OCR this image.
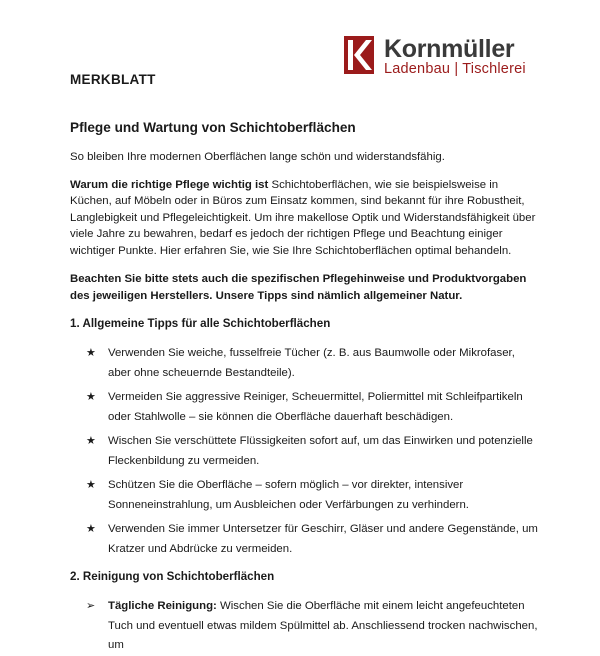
Kornmüller
Ladenbau | Tischlerei
MERKBLATT
Pflege und Wartung von Schichtoberflächen

So bleiben Ihre modernen Oberflächen lange schön und widerstandsfähig.

Warum die richtige Pflege wichtig ist Schichtoberflächen, wie sie beispielsweise in Küchen, auf Möbeln oder in Büros zum Einsatz kommen, sind bekannt für ihre Robustheit, Langlebigkeit und Pflegeleichtigkeit. Um ihre makellose Optik und Widerstandsfähigkeit über viele Jahre zu bewahren, bedarf es jedoch der richtigen Pflege und Beachtung einiger wichtiger Punkte. Hier erfahren Sie, wie Sie Ihre Schichtoberflächen optimal behandeln.

Beachten Sie bitte stets auch die spezifischen Pflegehinweise und Produktvorgaben des jeweiligen Herstellers. Unsere Tipps sind nämlich allgemeiner Natur.

1. Allgemeine Tipps für alle Schichtoberflächen
★ Verwenden Sie weiche, fusselfreie Tücher (z. B. aus Baumwolle oder Mikrofaser, aber ohne scheuernde Bestandteile).
★ Vermeiden Sie aggressive Reiniger, Scheuermittel, Poliermittel mit Schleifpartikeln oder Stahlwolle – sie können die Oberfläche dauerhaft beschädigen.
★ Wischen Sie verschüttete Flüssigkeiten sofort auf, um das Einwirken und potenzielle Fleckenbildung zu vermeiden.
★ Schützen Sie die Oberfläche – sofern möglich – vor direkter, intensiver Sonneneinstrahlung, um Ausbleichen oder Verfärbungen zu verhindern.
★ Verwenden Sie immer Untersetzer für Geschirr, Gläser und andere Gegenstände, um Kratzer und Abdrücke zu vermeiden.
2. Reinigung von Schichtoberflächen
➢ Tägliche Reinigung: Wischen Sie die Oberfläche mit einem leicht angefeuchteten Tuch und eventuell etwas mildem Spülmittel ab. Anschliessend trocken nachwischen, um
